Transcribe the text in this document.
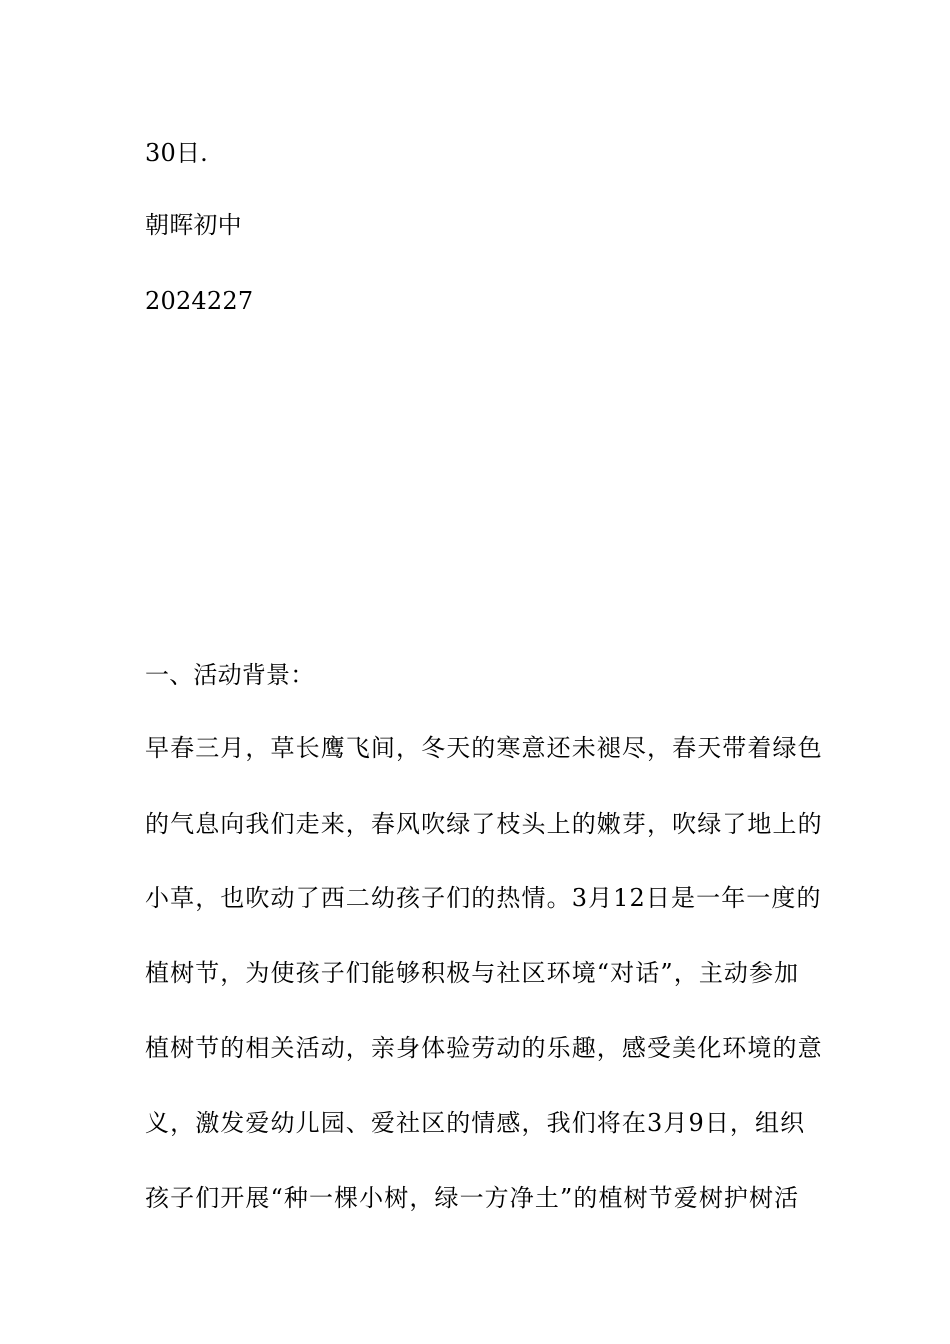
30日.
朝晖初中
2024227
一、活动背景：
早春三月，草长鹰飞间，冬天的寒意还未褪尽，春天带着绿色
的气息向我们走来，春风吹绿了枝头上的嫩芽，吹绿了地上的
小草，也吹动了西二幼孩子们的热情。3月12日是一年一度的
植树节，为使孩子们能够积极与社区环境“对话”，主动参加
植树节的相关活动，亲身体验劳动的乐趣，感受美化环境的意
义，激发爱幼儿园、爱社区的情感，我们将在3月9日，组织
孩子们开展“种一棵小树，绿一方净土”的植树节爱树护树活
